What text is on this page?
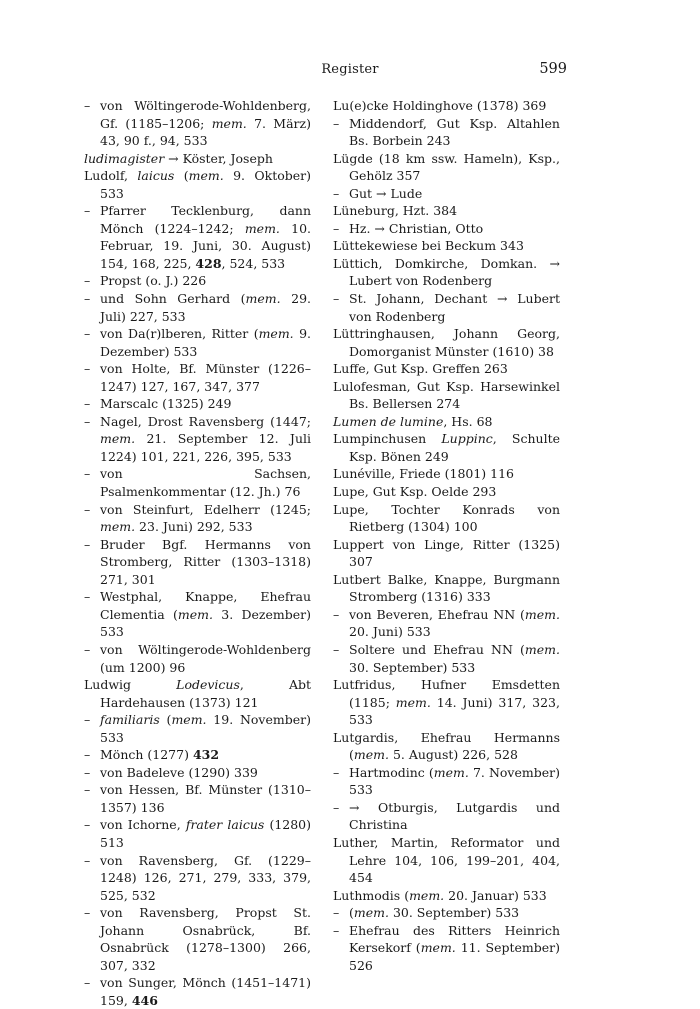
Register	599
– von Wöltingerode-Wohldenberg, Gf. (1185–1206; mem. 7. März) 43, 90 f., 94, 533
ludimagister → Köster, Joseph
Ludolf, laicus (mem. 9. Oktober) 533
– Pfarrer Tecklenburg, dann Mönch (1224–1242; mem. 10. Februar, 19. Juni, 30. August) 154, 168, 225, 428, 524, 533
– Propst (o. J.) 226
– und Sohn Gerhard (mem. 29. Juli) 227, 533
– von Da(r)lberen, Ritter (mem. 9. Dezember) 533
– von Holte, Bf. Münster (1226–1247) 127, 167, 347, 377
– Marscalc (1325) 249
– Nagel, Drost Ravensberg (1447; mem. 21. September 12. Juli 1224) 101, 221, 226, 395, 533
– von Sachsen, Psalmenkommentar (12. Jh.) 76
– von Steinfurt, Edelherr (1245; mem. 23. Juni) 292, 533
– Bruder Bgf. Hermanns von Stromberg, Ritter (1303–1318) 271, 301
– Westphal, Knappe, Ehefrau Clementia (mem. 3. Dezember) 533
– von Wöltingerode-Wohldenberg (um 1200) 96
Ludwig Lodevicus, Abt Hardehausen (1373) 121
– familiaris (mem. 19. November) 533
– Mönch (1277) 432
– von Badeleve (1290) 339
– von Hessen, Bf. Münster (1310–1357) 136
– von Ichorne, frater laicus (1280) 513
– von Ravensberg, Gf. (1229–1248) 126, 271, 279, 333, 379, 525, 532
– von Ravensberg, Propst St. Johann Osnabrück, Bf. Osnabrück (1278–1300) 266, 307, 332
– von Sunger, Mönch (1451–1471) 159, 446
Lu(e)cke Holdinghove (1378) 369
– Middendorf, Gut Ksp. Altahlen Bs. Borbein 243
Lügde (18 km ssw. Hameln), Ksp., Gehölz 357
– Gut → Lude
Lüneburg, Hzt. 384
– Hz. → Christian, Otto
Lüttekewiese bei Beckum 343
Lüttich, Domkirche, Domkan. → Lubert von Rodenberg
– St. Johann, Dechant → Lubert von Rodenberg
Lüttringhausen, Johann Georg, Domorganist Münster (1610) 38
Luffe, Gut Ksp. Greffen 263
Lulofesman, Gut Ksp. Harsewinkel Bs. Bellersen 274
Lumen de lumine, Hs. 68
Lumpinchusen Luppinc, Schulte Ksp. Bönen 249
Lunéville, Friede (1801) 116
Lupe, Gut Ksp. Oelde 293
Lupe, Tochter Konrads von Rietberg (1304) 100
Luppert von Linge, Ritter (1325) 307
Lutbert Balke, Knappe, Burgmann Stromberg (1316) 333
– von Beveren, Ehefrau NN (mem. 20. Juni) 533
– Soltere und Ehefrau NN (mem. 30. September) 533
Lutfridus, Hufner Emsdetten (1185; mem. 14. Juni) 317, 323, 533
Lutgardis, Ehefrau Hermanns (mem. 5. August) 226, 528
– Hartmodinc (mem. 7. November) 533
– → Otburgis, Lutgardis und Christina
Luther, Martin, Reformator und Lehre 104, 106, 199–201, 404, 454
Luthmodis (mem. 20. Januar) 533
– (mem. 30. September) 533
– Ehefrau des Ritters Heinrich Kersekorf (mem. 11. September) 526
